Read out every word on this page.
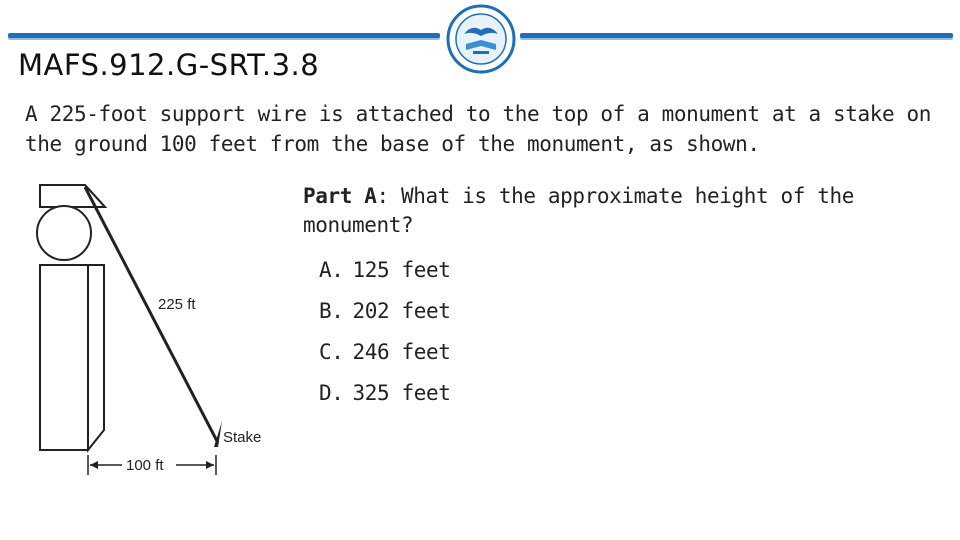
MAFS.912.G-SRT.3.8
A 225-foot support wire is attached to the top of a monument at a stake on the ground 100 feet from the base of the monument, as shown.
Stake
225 ft
100 ft
Part A: What is the approximate height of the monument?
A. 125 feet
B. 202 feet
C. 246 feet
D. 325 feet
